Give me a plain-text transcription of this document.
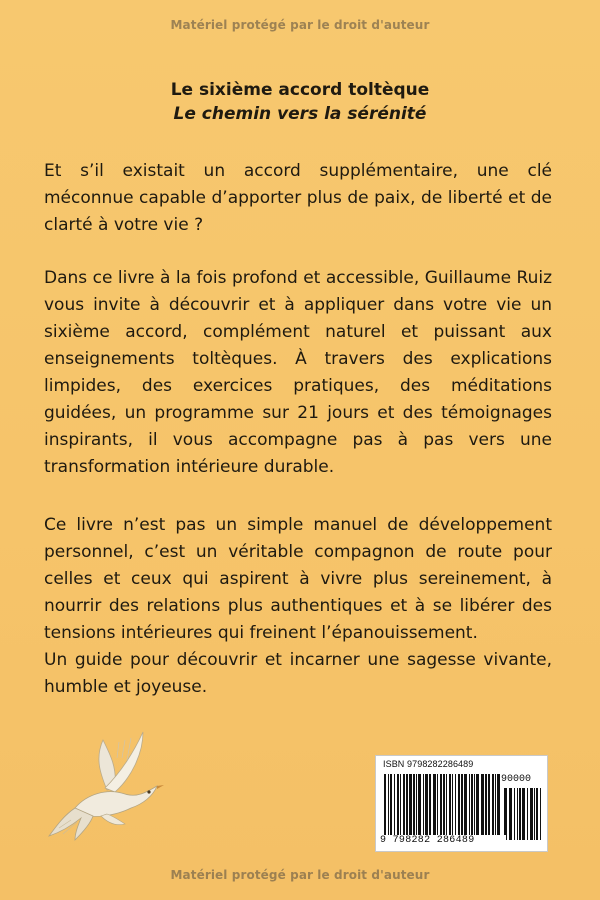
Matériel protégé par le droit d'auteur
Le sixième accord toltèque
Le chemin vers la sérénité
Et s’il existait un accord supplémentaire, une clé méconnue capable d’apporter plus de paix, de liberté et de clarté à votre vie ?
Dans ce livre à la fois profond et accessible, Guillaume Ruiz vous invite à découvrir et à appliquer dans votre vie un sixième accord, complément naturel et puissant aux enseignements toltèques. À travers des explications limpides, des exercices pratiques, des méditations guidées, un programme sur 21 jours et des témoignages inspirants, il vous accompagne pas à pas vers une transformation intérieure durable.
Ce livre n’est pas un simple manuel de développement personnel, c’est un véritable compagnon de route pour celles et ceux qui aspirent à vivre plus sereinement, à nourrir des relations plus authentiques et à se libérer des tensions intérieures qui freinent l’épanouissement.
Un guide pour découvrir et incarner une sagesse vivante, humble et joyeuse.
ISBN 9798282286489
90000
9 798282 286489
Matériel protégé par le droit d'auteur
